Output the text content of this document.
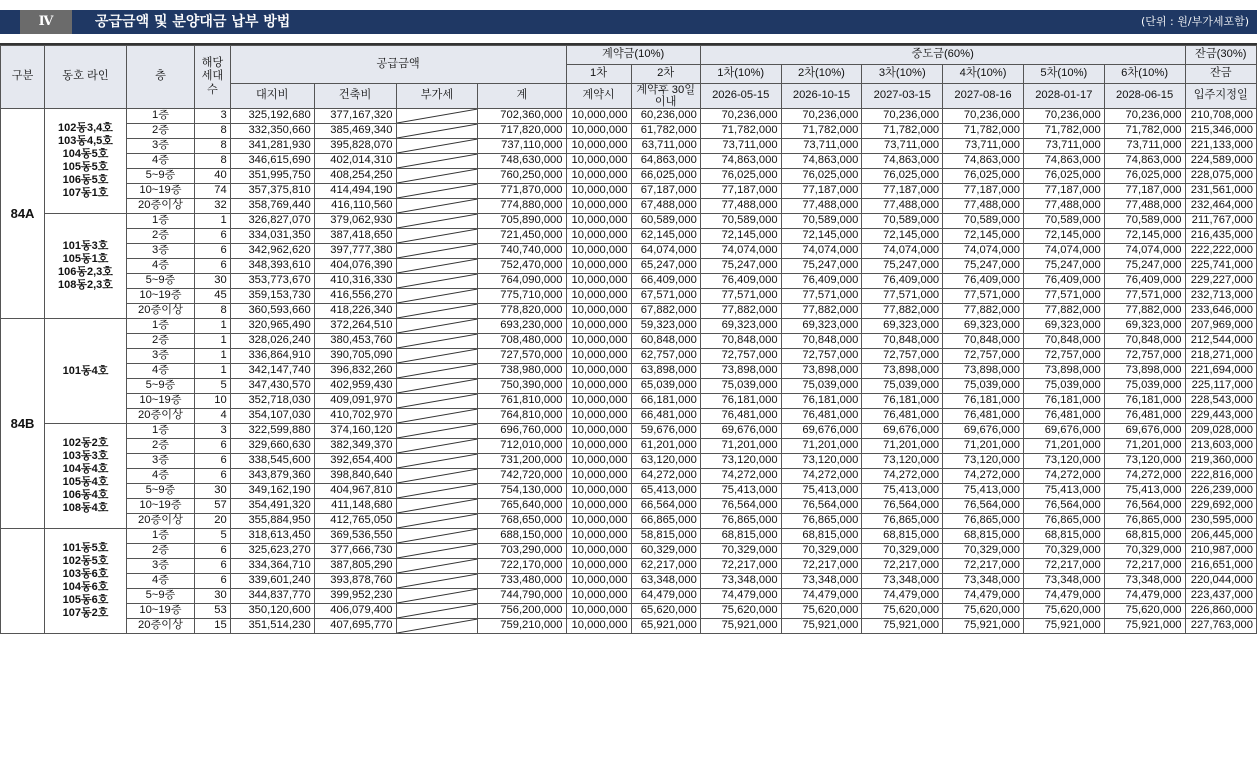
Ⅳ	공급금액 및 분양대금 납부 방법	(단위 : 원/부가세포함)
구분	동호 라인	층	해당 세대수	공급금액				계약금(10%)		중도금(60%)						잔금(30%)
								1차	2차	1차(10%)	2차(10%)	3차(10%)	4차(10%)	5차(10%)	6차(10%)	잔금
				대지비	건축비	부가세	계	계약시	계약후 30일이내	2026-05-15	2026-10-15	2027-03-15	2027-08-16	2028-01-17	2028-06-15	입주지정일
84A	102동3,4호 103동4,5호 104동5호 105동5호 106동5호 107동1호	1층	3	325,192,680	377,167,320		702,360,000	10,000,000	60,236,000	70,236,000	70,236,000	70,236,000	70,236,000	70,236,000	70,236,000	210,708,000
		2층	8	332,350,660	385,469,340		717,820,000	10,000,000	61,782,000	71,782,000	71,782,000	71,782,000	71,782,000	71,782,000	71,782,000	215,346,000
		3층	8	341,281,930	395,828,070		737,110,000	10,000,000	63,711,000	73,711,000	73,711,000	73,711,000	73,711,000	73,711,000	73,711,000	221,133,000
		4층	8	346,615,690	402,014,310		748,630,000	10,000,000	64,863,000	74,863,000	74,863,000	74,863,000	74,863,000	74,863,000	74,863,000	224,589,000
		5~9층	40	351,995,750	408,254,250		760,250,000	10,000,000	66,025,000	76,025,000	76,025,000	76,025,000	76,025,000	76,025,000	76,025,000	228,075,000
		10~19층	74	357,375,810	414,494,190		771,870,000	10,000,000	67,187,000	77,187,000	77,187,000	77,187,000	77,187,000	77,187,000	77,187,000	231,561,000
		20층이상	32	358,769,440	416,110,560		774,880,000	10,000,000	67,488,000	77,488,000	77,488,000	77,488,000	77,488,000	77,488,000	77,488,000	232,464,000
	101동3호 105동1호 106동2,3호 108동2,3호	1층	1	326,827,070	379,062,930		705,890,000	10,000,000	60,589,000	70,589,000	70,589,000	70,589,000	70,589,000	70,589,000	70,589,000	211,767,000
		2층	6	334,031,350	387,418,650		721,450,000	10,000,000	62,145,000	72,145,000	72,145,000	72,145,000	72,145,000	72,145,000	72,145,000	216,435,000
		3층	6	342,962,620	397,777,380		740,740,000	10,000,000	64,074,000	74,074,000	74,074,000	74,074,000	74,074,000	74,074,000	74,074,000	222,222,000
		4층	6	348,393,610	404,076,390		752,470,000	10,000,000	65,247,000	75,247,000	75,247,000	75,247,000	75,247,000	75,247,000	75,247,000	225,741,000
		5~9층	30	353,773,670	410,316,330		764,090,000	10,000,000	66,409,000	76,409,000	76,409,000	76,409,000	76,409,000	76,409,000	76,409,000	229,227,000
		10~19층	45	359,153,730	416,556,270		775,710,000	10,000,000	67,571,000	77,571,000	77,571,000	77,571,000	77,571,000	77,571,000	77,571,000	232,713,000
		20층이상	8	360,593,660	418,226,340		778,820,000	10,000,000	67,882,000	77,882,000	77,882,000	77,882,000	77,882,000	77,882,000	77,882,000	233,646,000
84B	101동4호	1층	1	320,965,490	372,264,510		693,230,000	10,000,000	59,323,000	69,323,000	69,323,000	69,323,000	69,323,000	69,323,000	69,323,000	207,969,000
		2층	1	328,026,240	380,453,760		708,480,000	10,000,000	60,848,000	70,848,000	70,848,000	70,848,000	70,848,000	70,848,000	70,848,000	212,544,000
		3층	1	336,864,910	390,705,090		727,570,000	10,000,000	62,757,000	72,757,000	72,757,000	72,757,000	72,757,000	72,757,000	72,757,000	218,271,000
		4층	1	342,147,740	396,832,260		738,980,000	10,000,000	63,898,000	73,898,000	73,898,000	73,898,000	73,898,000	73,898,000	73,898,000	221,694,000
		5~9층	5	347,430,570	402,959,430		750,390,000	10,000,000	65,039,000	75,039,000	75,039,000	75,039,000	75,039,000	75,039,000	75,039,000	225,117,000
		10~19층	10	352,718,030	409,091,970		761,810,000	10,000,000	66,181,000	76,181,000	76,181,000	76,181,000	76,181,000	76,181,000	76,181,000	228,543,000
		20층이상	4	354,107,030	410,702,970		764,810,000	10,000,000	66,481,000	76,481,000	76,481,000	76,481,000	76,481,000	76,481,000	76,481,000	229,443,000
	102동2호 103동3호 104동4호 105동4호 106동4호 108동4호	1층	3	322,599,880	374,160,120		696,760,000	10,000,000	59,676,000	69,676,000	69,676,000	69,676,000	69,676,000	69,676,000	69,676,000	209,028,000
		2층	6	329,660,630	382,349,370		712,010,000	10,000,000	61,201,000	71,201,000	71,201,000	71,201,000	71,201,000	71,201,000	71,201,000	213,603,000
		3층	6	338,545,600	392,654,400		731,200,000	10,000,000	63,120,000	73,120,000	73,120,000	73,120,000	73,120,000	73,120,000	73,120,000	219,360,000
		4층	6	343,879,360	398,840,640		742,720,000	10,000,000	64,272,000	74,272,000	74,272,000	74,272,000	74,272,000	74,272,000	74,272,000	222,816,000
		5~9층	30	349,162,190	404,967,810		754,130,000	10,000,000	65,413,000	75,413,000	75,413,000	75,413,000	75,413,000	75,413,000	75,413,000	226,239,000
		10~19층	57	354,491,320	411,148,680		765,640,000	10,000,000	66,564,000	76,564,000	76,564,000	76,564,000	76,564,000	76,564,000	76,564,000	229,692,000
		20층이상	20	355,884,950	412,765,050		768,650,000	10,000,000	66,865,000	76,865,000	76,865,000	76,865,000	76,865,000	76,865,000	76,865,000	230,595,000
	101동5호 102동5호 103동6호 104동6호 105동6호 107동2호	1층	5	318,613,450	369,536,550		688,150,000	10,000,000	58,815,000	68,815,000	68,815,000	68,815,000	68,815,000	68,815,000	68,815,000	206,445,000
		2층	6	325,623,270	377,666,730		703,290,000	10,000,000	60,329,000	70,329,000	70,329,000	70,329,000	70,329,000	70,329,000	70,329,000	210,987,000
		3층	6	334,364,710	387,805,290		722,170,000	10,000,000	62,217,000	72,217,000	72,217,000	72,217,000	72,217,000	72,217,000	72,217,000	216,651,000
		4층	6	339,601,240	393,878,760		733,480,000	10,000,000	63,348,000	73,348,000	73,348,000	73,348,000	73,348,000	73,348,000	73,348,000	220,044,000
		5~9층	30	344,837,770	399,952,230		744,790,000	10,000,000	64,479,000	74,479,000	74,479,000	74,479,000	74,479,000	74,479,000	74,479,000	223,437,000
		10~19층	53	350,120,600	406,079,400		756,200,000	10,000,000	65,620,000	75,620,000	75,620,000	75,620,000	75,620,000	75,620,000	75,620,000	226,860,000
		20층이상	15	351,514,230	407,695,770		759,210,000	10,000,000	65,921,000	75,921,000	75,921,000	75,921,000	75,921,000	75,921,000	75,921,000	227,763,000
